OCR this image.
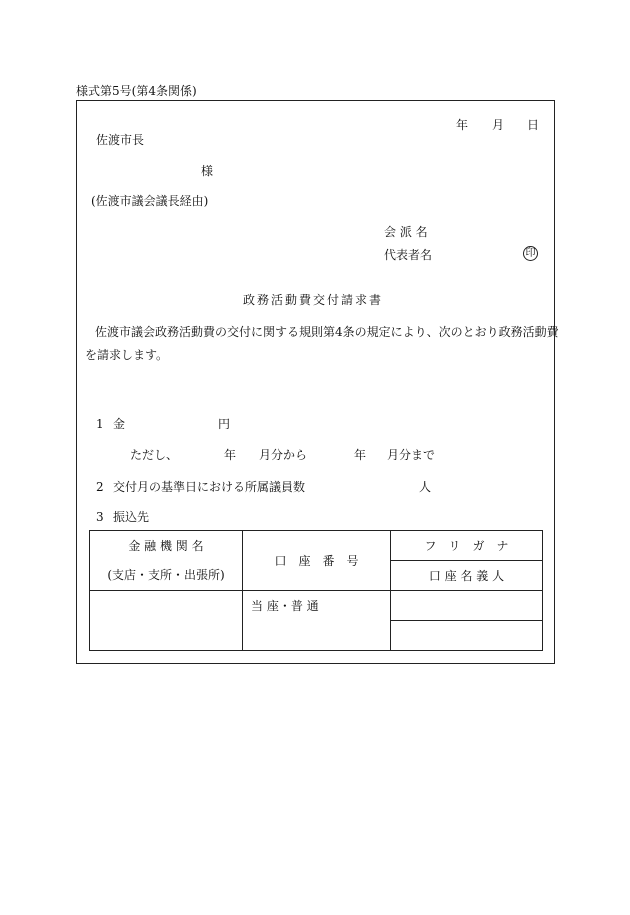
様式第5号(第4条関係)
年 月 日
佐渡市長
様
(佐渡市議会議長経由)
会 派 名
代表者名	印
政務活動費交付請求書
佐渡市議会政務活動費の交付に関する規則第4条の規定により、次のとおり政務活動費
を請求します。
1 金	円
ただし、	年 月分から	年 月分まで
2 交付月の基準日における所属議員数	人
3 振込先
金 融 機 関 名	口　座　番　号	フ　リ　ガ　ナ
(支店・支所・出張所)		口 座 名 義 人
	当 座・普 通	
